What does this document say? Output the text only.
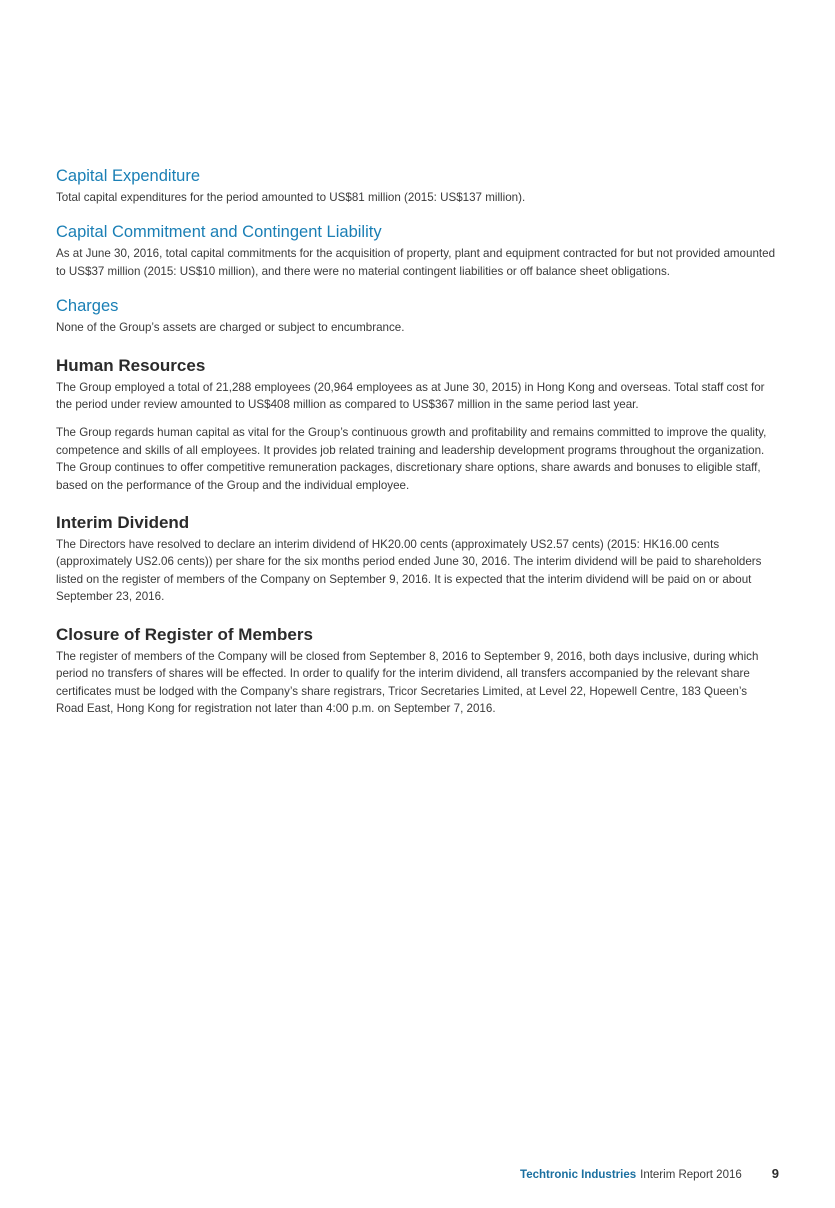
Capital Expenditure

Total capital expenditures for the period amounted to US$81 million (2015: US$137 million).

Capital Commitment and Contingent Liability

As at June 30, 2016, total capital commitments for the acquisition of property, plant and equipment contracted for but not provided amounted to US$37 million (2015: US$10 million), and there were no material contingent liabilities or off balance sheet obligations.

Charges

None of the Group’s assets are charged or subject to encumbrance.

Human Resources

The Group employed a total of 21,288 employees (20,964 employees as at June 30, 2015) in Hong Kong and overseas. Total staff cost for the period under review amounted to US$408 million as compared to US$367 million in the same period last year.

The Group regards human capital as vital for the Group’s continuous growth and profitability and remains committed to improve the quality, competence and skills of all employees. It provides job related training and leadership development programs throughout the organization. The Group continues to offer competitive remuneration packages, discretionary share options, share awards and bonuses to eligible staff, based on the performance of the Group and the individual employee.

Interim Dividend

The Directors have resolved to declare an interim dividend of HK20.00 cents (approximately US2.57 cents) (2015: HK16.00 cents (approximately US2.06 cents)) per share for the six months period ended June 30, 2016. The interim dividend will be paid to shareholders listed on the register of members of the Company on September 9, 2016. It is expected that the interim dividend will be paid on or about September 23, 2016.

Closure of Register of Members

The register of members of the Company will be closed from September 8, 2016 to September 9, 2016, both days inclusive, during which period no transfers of shares will be effected. In order to qualify for the interim dividend, all transfers accompanied by the relevant share certificates must be lodged with the Company’s share registrars, Tricor Secretaries Limited, at Level 22, Hopewell Centre, 183 Queen’s Road East, Hong Kong for registration not later than 4:00 p.m. on September 7, 2016.

Techtronic Industries Interim Report 2016 9
